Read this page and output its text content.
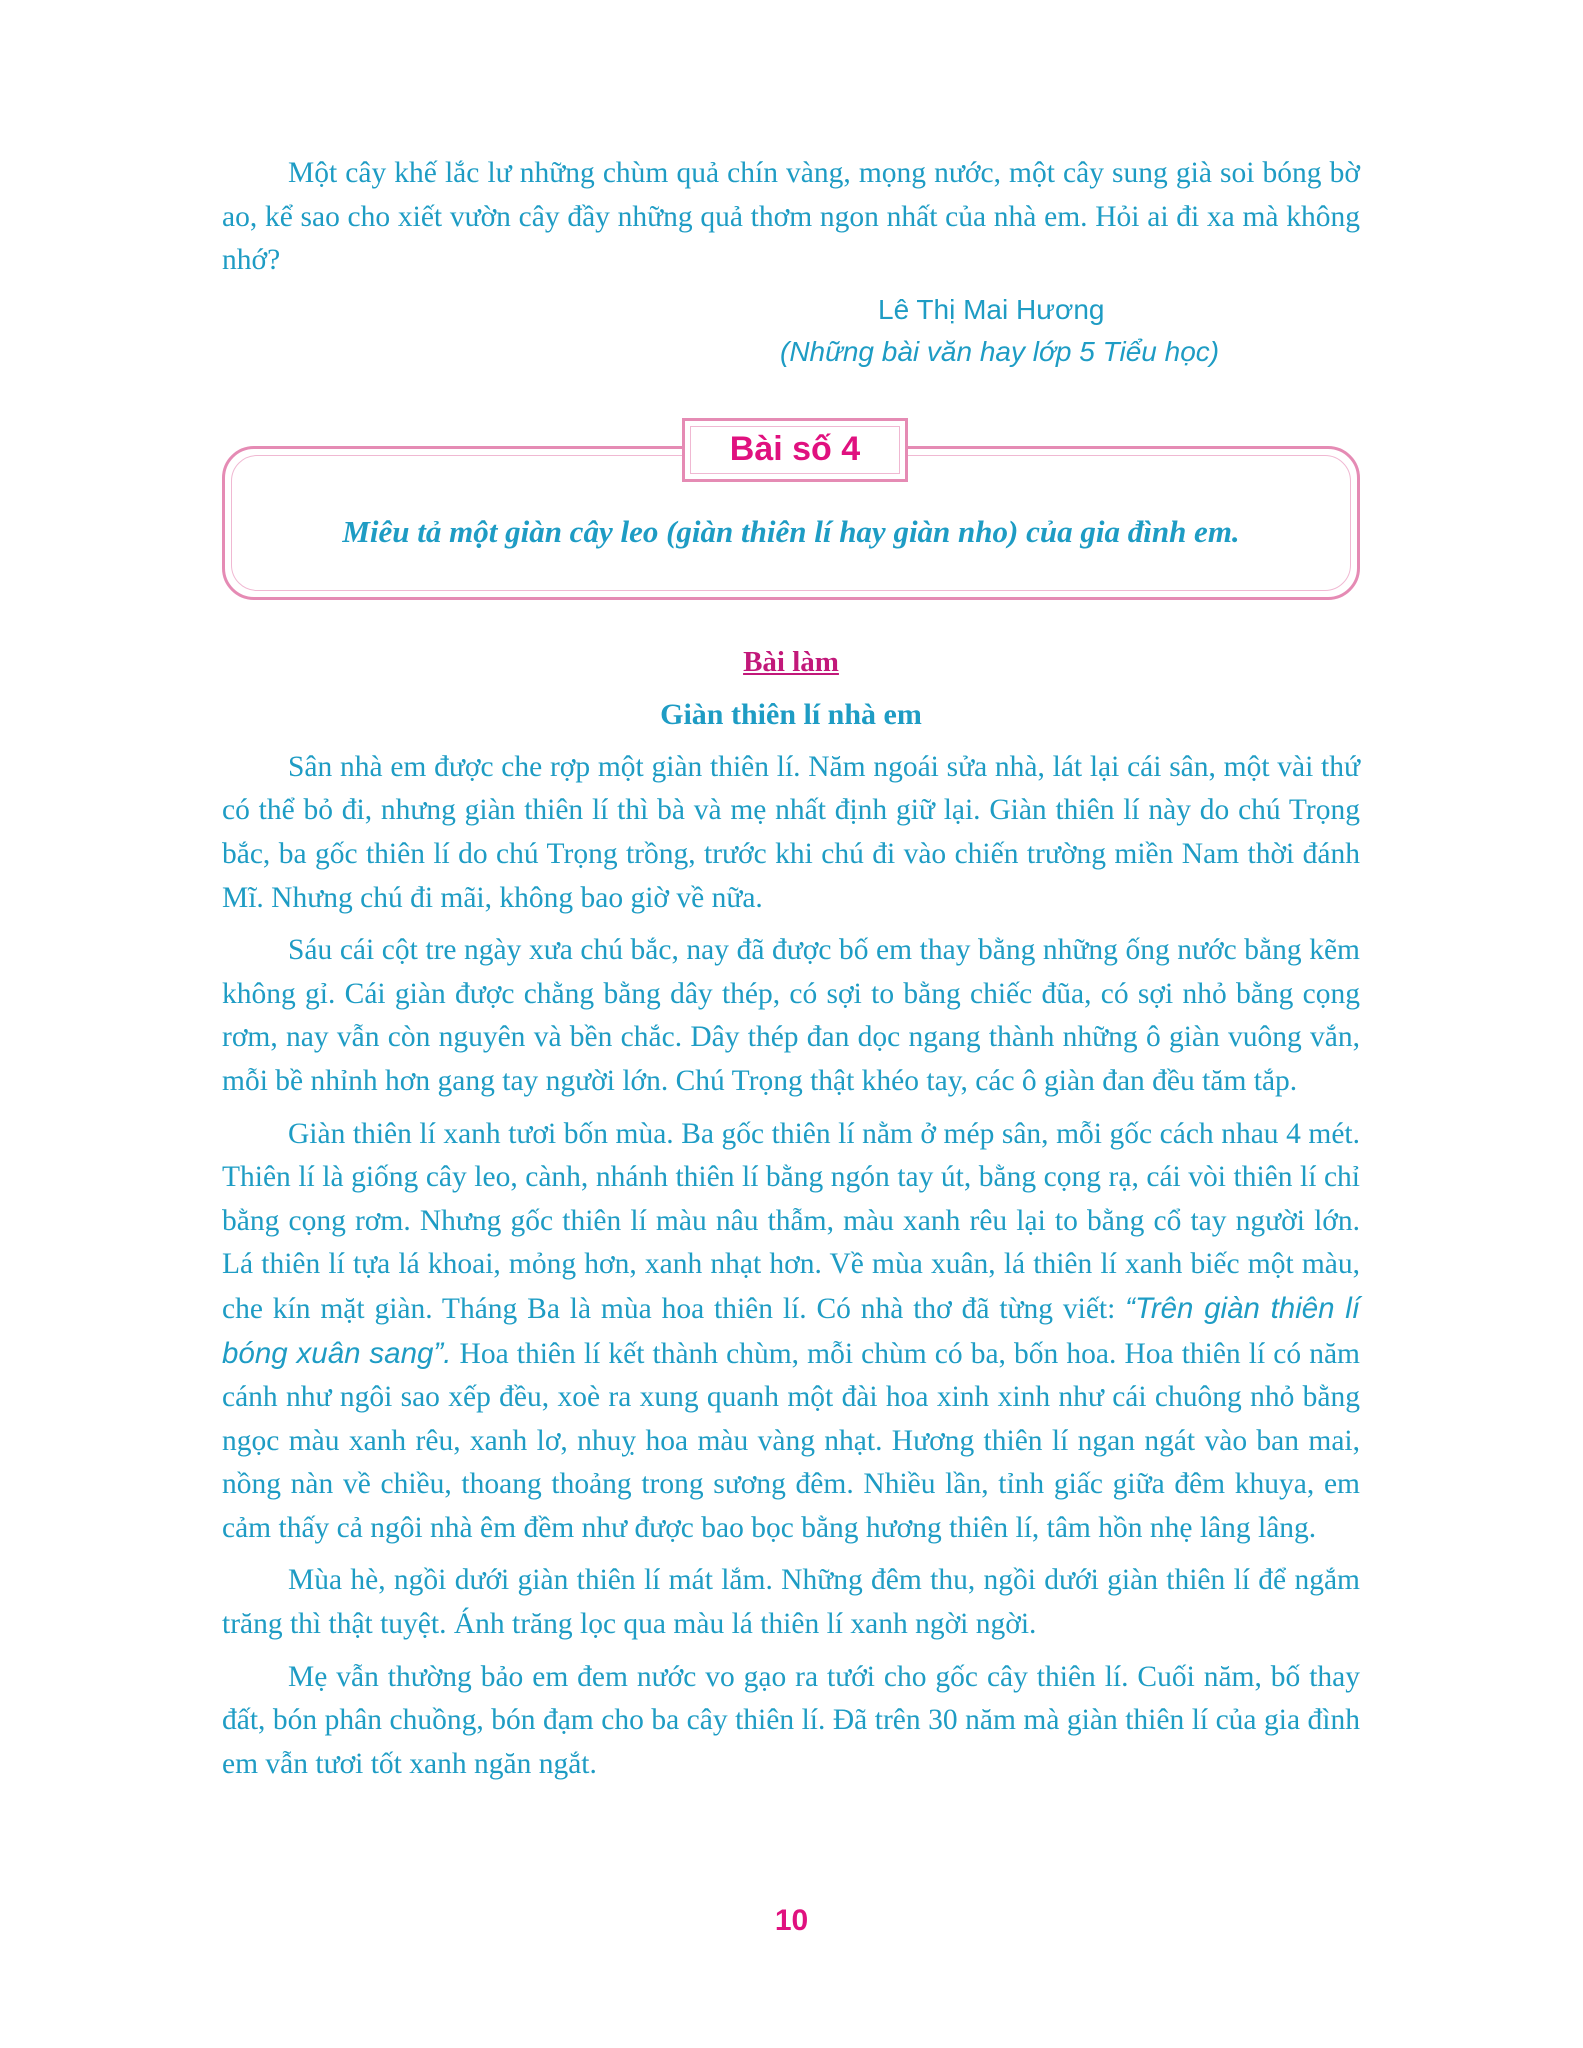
Một cây khế lắc lư những chùm quả chín vàng, mọng nước, một cây sung già soi bóng bờ ao, kể sao cho xiết vườn cây đầy những quả thơm ngon nhất của nhà em. Hỏi ai đi xa mà không nhớ?

Lê Thị Mai Hương
(Những bài văn hay lớp 5 Tiểu học)
Bài số 4
Miêu tả một giàn cây leo (giàn thiên lí hay giàn nho) của gia đình em.
Bài làm
Giàn thiên lí nhà em

Sân nhà em được che rợp một giàn thiên lí. Năm ngoái sửa nhà, lát lại cái sân, một vài thứ có thể bỏ đi, nhưng giàn thiên lí thì bà và mẹ nhất định giữ lại. Giàn thiên lí này do chú Trọng bắc, ba gốc thiên lí do chú Trọng trồng, trước khi chú đi vào chiến trường miền Nam thời đánh Mĩ. Nhưng chú đi mãi, không bao giờ về nữa.

Sáu cái cột tre ngày xưa chú bắc, nay đã được bố em thay bằng những ống nước bằng kẽm không gỉ. Cái giàn được chằng bằng dây thép, có sợi to bằng chiếc đũa, có sợi nhỏ bằng cọng rơm, nay vẫn còn nguyên và bền chắc. Dây thép đan dọc ngang thành những ô giàn vuông vắn, mỗi bề nhỉnh hơn gang tay người lớn. Chú Trọng thật khéo tay, các ô giàn đan đều tăm tắp.

Giàn thiên lí xanh tươi bốn mùa. Ba gốc thiên lí nằm ở mép sân, mỗi gốc cách nhau 4 mét. Thiên lí là giống cây leo, cành, nhánh thiên lí bằng ngón tay út, bằng cọng rạ, cái vòi thiên lí chỉ bằng cọng rơm. Nhưng gốc thiên lí màu nâu thẫm, màu xanh rêu lại to bằng cổ tay người lớn. Lá thiên lí tựa lá khoai, mỏng hơn, xanh nhạt hơn. Về mùa xuân, lá thiên lí xanh biếc một màu, che kín mặt giàn. Tháng Ba là mùa hoa thiên lí. Có nhà thơ đã từng viết: “Trên giàn thiên lí bóng xuân sang”. Hoa thiên lí kết thành chùm, mỗi chùm có ba, bốn hoa. Hoa thiên lí có năm cánh như ngôi sao xếp đều, xoè ra xung quanh một đài hoa xinh xinh như cái chuông nhỏ bằng ngọc màu xanh rêu, xanh lơ, nhuỵ hoa màu vàng nhạt. Hương thiên lí ngan ngát vào ban mai, nồng nàn về chiều, thoang thoảng trong sương đêm. Nhiều lần, tỉnh giấc giữa đêm khuya, em cảm thấy cả ngôi nhà êm đềm như được bao bọc bằng hương thiên lí, tâm hồn nhẹ lâng lâng.

Mùa hè, ngồi dưới giàn thiên lí mát lắm. Những đêm thu, ngồi dưới giàn thiên lí để ngắm trăng thì thật tuyệt. Ánh trăng lọc qua màu lá thiên lí xanh ngời ngời.

Mẹ vẫn thường bảo em đem nước vo gạo ra tưới cho gốc cây thiên lí. Cuối năm, bố thay đất, bón phân chuồng, bón đạm cho ba cây thiên lí. Đã trên 30 năm mà giàn thiên lí của gia đình em vẫn tươi tốt xanh ngăn ngắt.

10
